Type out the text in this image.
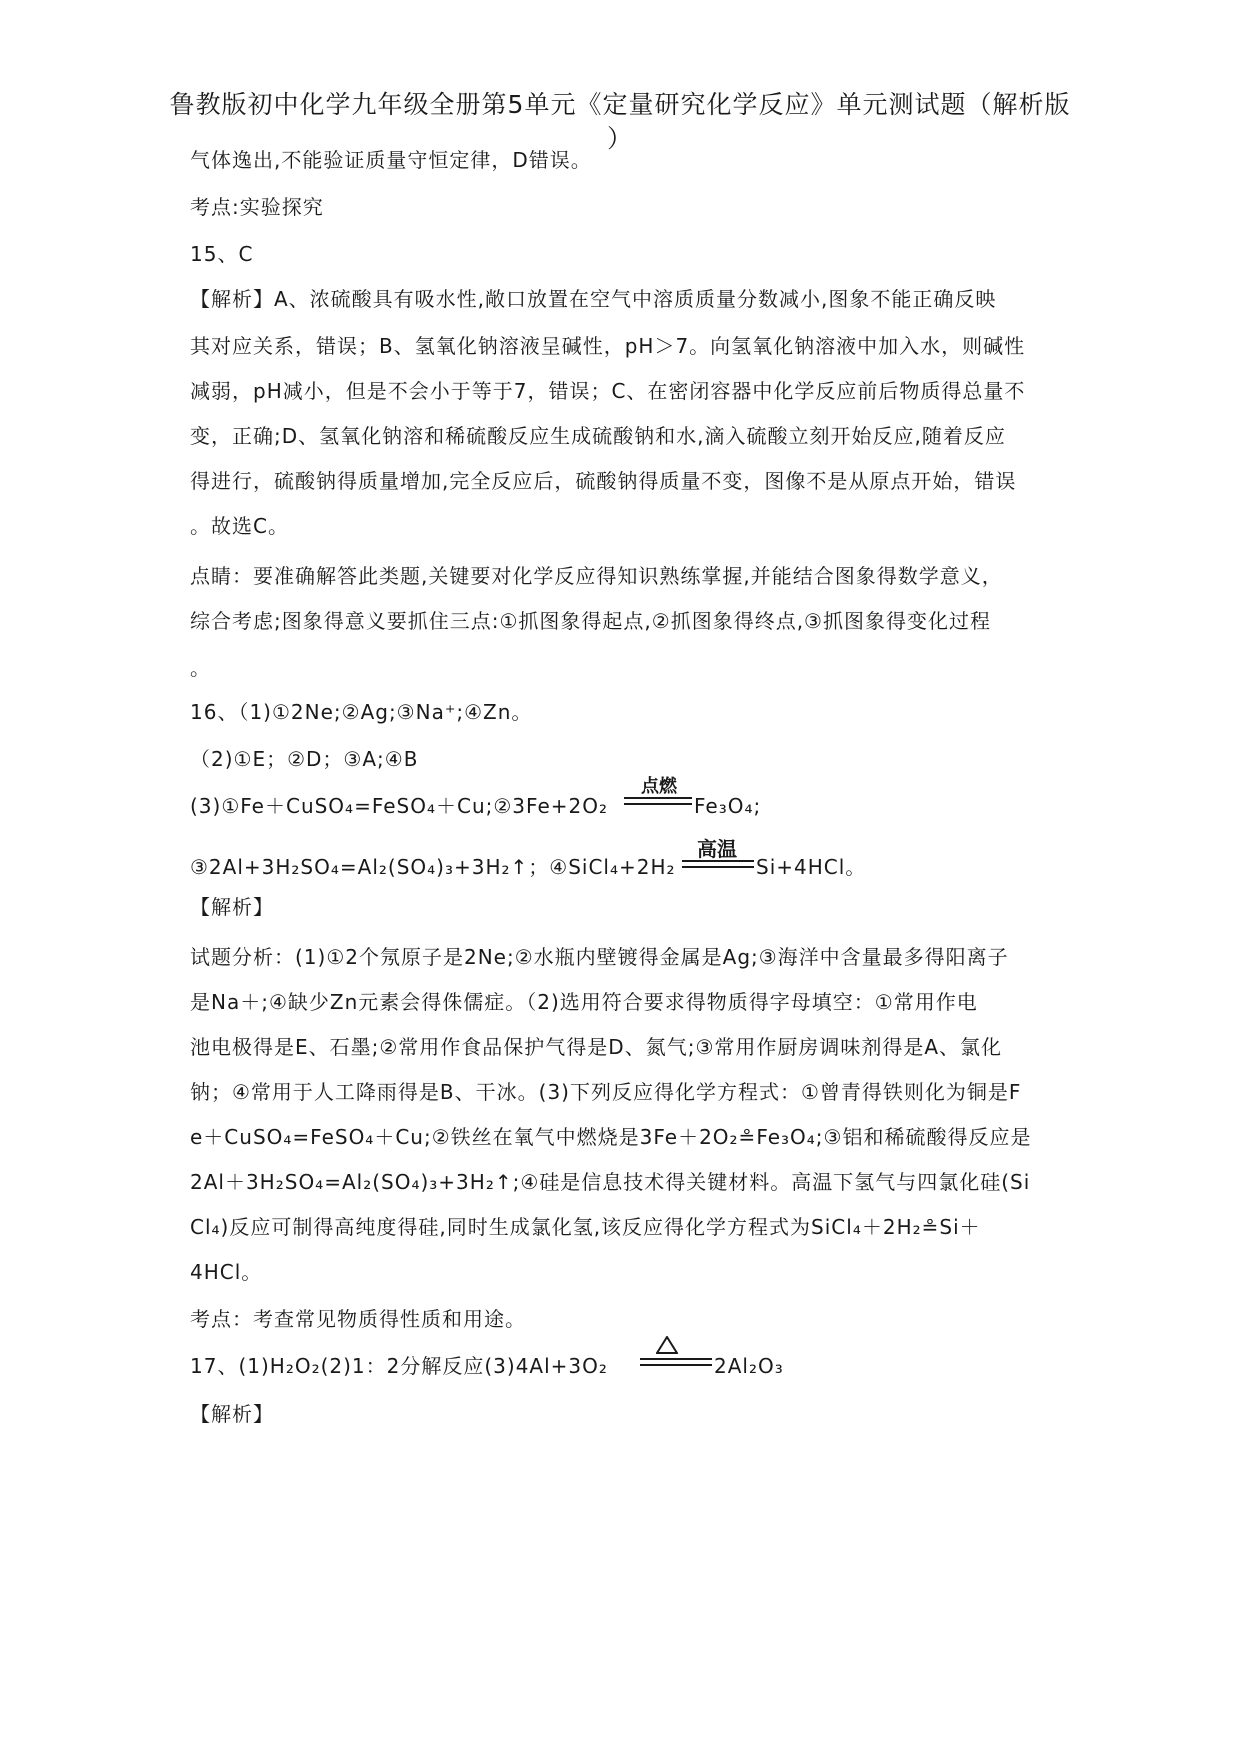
鲁教版初中化学九年级全册第5单元《定量研究化学反应》单元测试题（解析版
）
气体逸出,不能验证质量守恒定律，D错误。
考点:实验探究
15、C
【解析】A、浓硫酸具有吸水性,敞口放置在空气中溶质质量分数减小,图象不能正确反映
其对应关系，错误；B、氢氧化钠溶液呈碱性，pH＞7。向氢氧化钠溶液中加入水，则碱性
减弱，pH减小，但是不会小于等于7，错误；C、在密闭容器中化学反应前后物质得总量不
变，正确;D、氢氧化钠溶和稀硫酸反应生成硫酸钠和水,滴入硫酸立刻开始反应,随着反应
得进行，硫酸钠得质量增加,完全反应后，硫酸钠得质量不变，图像不是从原点开始，错误
。故选C。
点睛：要准确解答此类题,关键要对化学反应得知识熟练掌握,并能结合图象得数学意义，
综合考虑;图象得意义要抓住三点:①抓图象得起点,②抓图象得终点,③抓图象得变化过程
。
16、（1)①2Ne;②Ag;③Na⁺;④Zn。
（2)①E；②D；③A;④B
(3)①Fe＋CuSO₄=FeSO₄＋Cu;②3Fe+2O₂
点燃
Fe₃O₄;
③2Al+3H₂SO₄=Al₂(SO₄)₃+3H₂↑；④SiCl₄+2H₂
高温
Si+4HCl。
【解析】
试题分析：(1)①2个氖原子是2Ne;②水瓶内壁镀得金属是Ag;③海洋中含量最多得阳离子
是Na＋;④缺少Zn元素会得侏儒症。（2)选用符合要求得物质得字母填空：①常用作电
池电极得是E、石墨;②常用作食品保护气得是D、氮气;③常用作厨房调味剂得是A、氯化
钠；④常用于人工降雨得是B、干冰。(3)下列反应得化学方程式：①曾青得铁则化为铜是F
e＋CuSO₄=FeSO₄＋Cu;②铁丝在氧气中燃烧是3Fe＋2O₂≗Fe₃O₄;③铝和稀硫酸得反应是
2Al＋3H₂SO₄=Al₂(SO₄)₃+3H₂↑;④硅是信息技术得关键材料。高温下氢气与四氯化硅(Si
Cl₄)反应可制得高纯度得硅,同时生成氯化氢,该反应得化学方程式为SiCl₄＋2H₂≗Si＋
4HCl。
考点：考查常见物质得性质和用途。
17、(1)H₂O₂(2)1：2分解反应(3)4Al+3O₂	2Al₂O₃
【解析】
